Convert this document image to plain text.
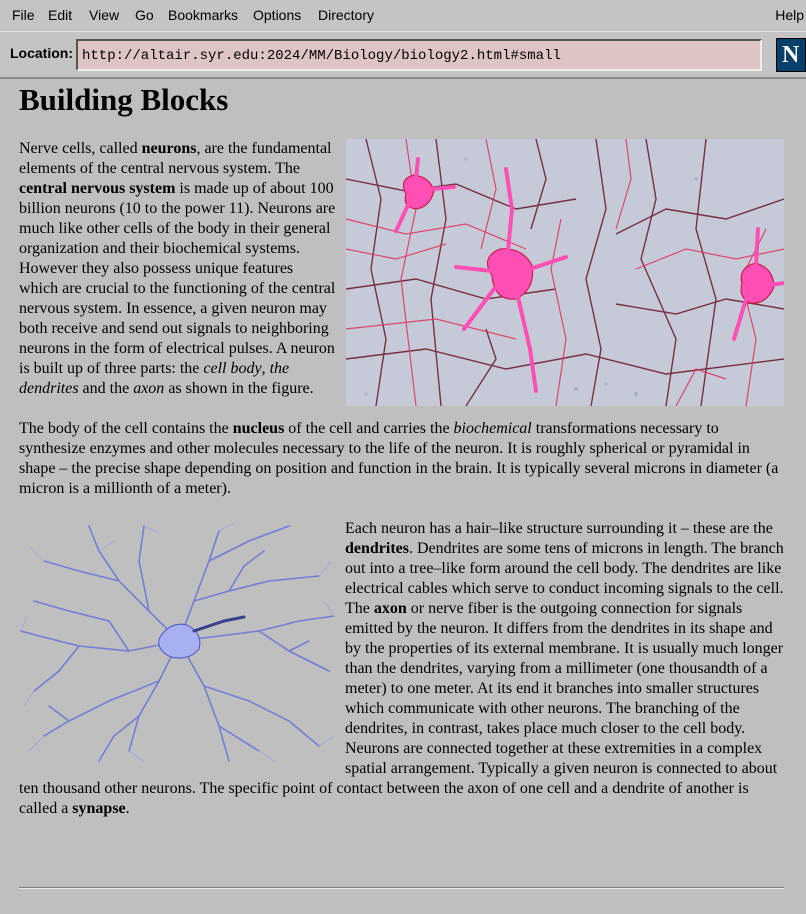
File Edit View Go Bookmarks Options Directory	Help
Location: http://altair.syr.edu:2024/MM/Biology/biology2.html#small	N
Building Blocks

Nerve cells, called neurons, are the fundamental elements of the central nervous system. The central nervous system is made up of about 100 billion neurons (10 to the power 11). Neurons are much like other cells of the body in their general organization and their biochemical systems. However they also possess unique features which are crucial to the functioning of the central nervous system. In essence, a given neuron may both receive and send out signals to neighboring neurons in the form of electrical pulses. A neuron is built up of three parts: the cell body, the dendrites and the axon as shown in the figure.

The body of the cell contains the nucleus of the cell and carries the biochemical transformations necessary to synthesize enzymes and other molecules necessary to the life of the neuron. It is roughly spherical or pyramidal in shape – the precise shape depending on position and function in the brain. It is typically several microns in diameter (a micron is a millionth of a meter).

Each neuron has a hair–like structure surrounding it – these are the dendrites. Dendrites are some tens of microns in length. The branch out into a tree–like form around the cell body. The dendrites are like electrical cables which serve to conduct incoming signals to the cell. The axon or nerve fiber is the outgoing connection for signals emitted by the neuron. It differs from the dendrites in its shape and by the properties of its external membrane. It is usually much longer than the dendrites, varying from a millimeter (one thousandth of a meter) to one meter. At its end it branches into smaller structures which communicate with other neurons. The branching of the dendrites, in contrast, takes place much closer to the cell body. Neurons are connected together at these extremities in a complex spatial arrangement. Typically a given neuron is connected to about ten thousand other neurons. The specific point of contact between the axon of one cell and a dendrite of another is called a synapse.
